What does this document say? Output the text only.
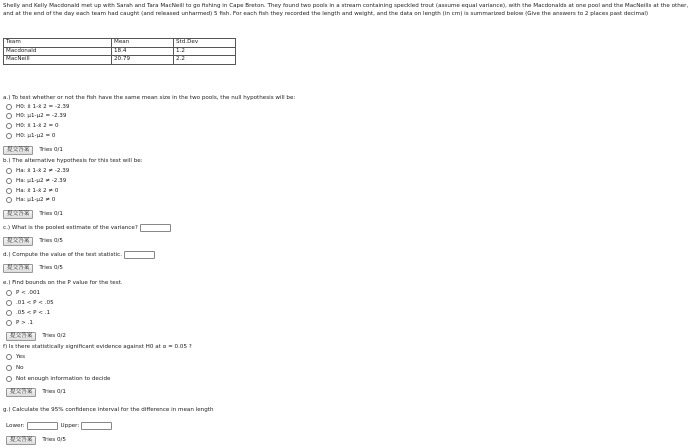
Shelly and Kelly Macdonald met up with Sarah and Tara MacNeill to go fishing in Cape Breton. They found two pools in a stream containing speckled trout (assume equal variance), with the Macdonalds at one pool and the MacNeills at the other, and at the end of the day each team had caught (and released unharmed) 5 fish. For each fish they recorded the length and weight, and the data on length (in cm) is summarized below (Give the answers to 2 places past decimal)
Team	Mean	Std.Dev
Macdonald	18.4	1.2
MacNeill	20.79	2.2
a.) To test whether or not the fish have the same mean size in the two pools, the null hypothesis will be:
H0: x̄ 1-x̄ 2 = -2.39
H0: μ1-μ2 = -2.39
H0: x̄ 1-x̄ 2 = 0
H0: μ1-μ2 = 0
提交答案	Tries 0/1
b.) The alternative hypothesis for this test will be:
Ha: x̄ 1-x̄ 2 ≠ -2.39
Ha: μ1-μ2 ≠ -2.39
Ha: x̄ 1-x̄ 2 ≠ 0
Ha: μ1-μ2 ≠ 0
提交答案	Tries 0/1
c.) What is the pooled estimate of the variance?
提交答案	Tries 0/5
d.) Compute the value of the test statistic.
提交答案	Tries 0/5
e.) Find bounds on the P value for the test.
P < .001
.01 < P < .05
.05 < P < .1
P > .1
提交答案	Tries 0/2
f) Is there statistically significant evidence against H0 at α = 0.05 ?
Yes
No
Not enough information to decide
提交答案	Tries 0/1
g.) Calculate the 95% confidence interval for the difference in mean length
Lower:	Upper:
提交答案	Tries 0/5
